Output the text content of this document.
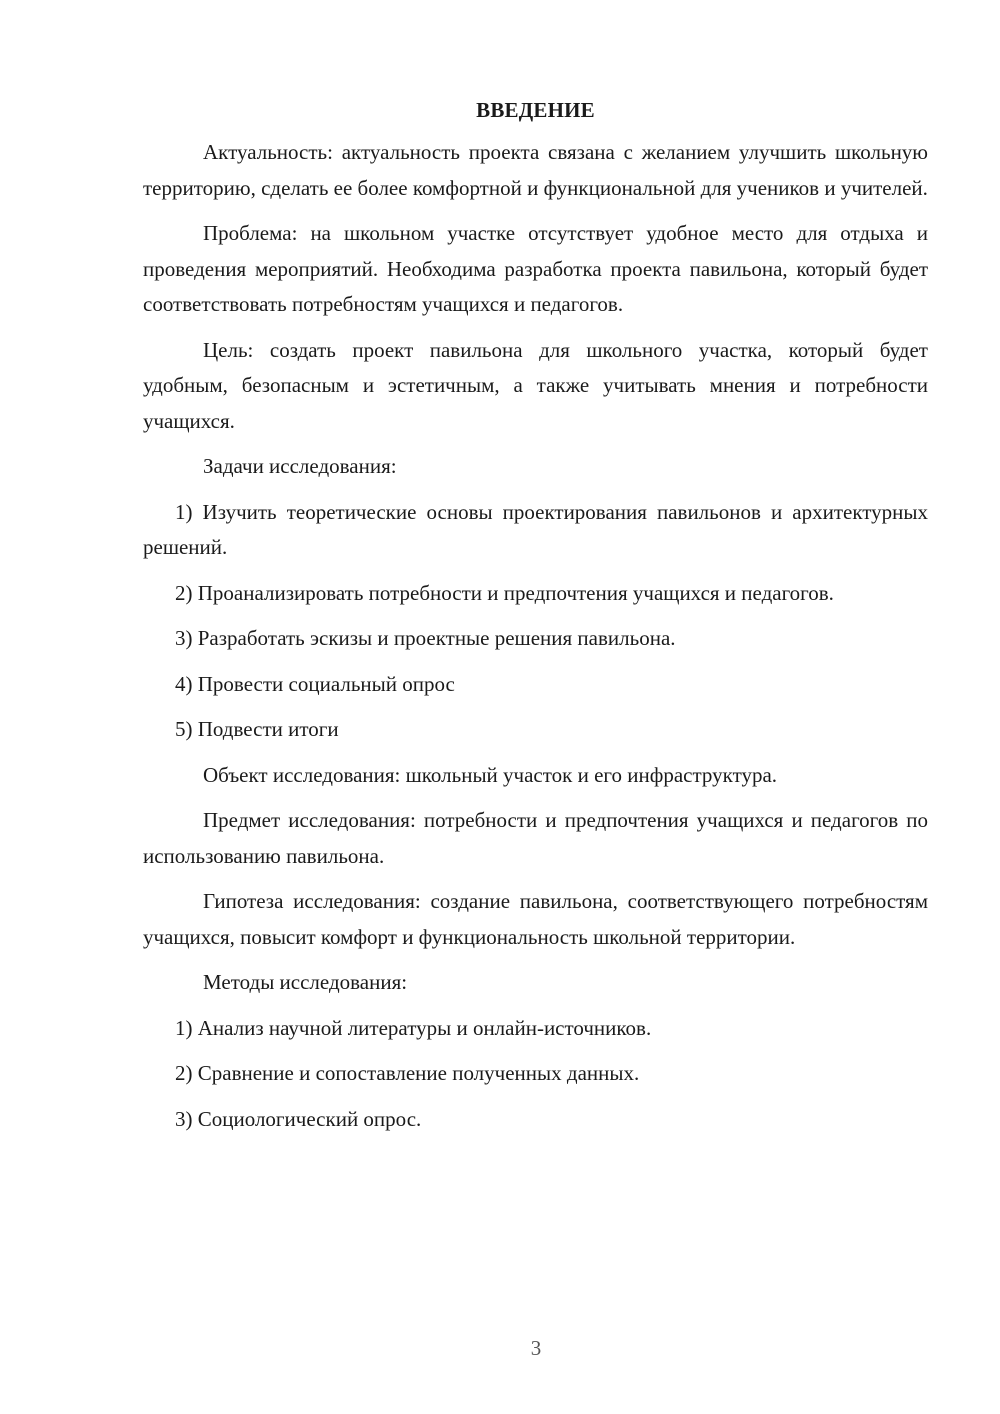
ВВЕДЕНИЕ

Актуальность: актуальность проекта связана с желанием улучшить школьную территорию, сделать ее более комфортной и функциональной для учеников и учителей.

Проблема: на школьном участке отсутствует удобное место для отдыха и проведения мероприятий. Необходима разработка проекта павильона, который будет соответствовать потребностям учащихся и педагогов.

Цель: создать проект павильона для школьного участка, который будет удобным, безопасным и эстетичным, а также учитывать мнения и потребности учащихся.

Задачи исследования:

1) Изучить теоретические основы проектирования павильонов и архитектурных решений.

2) Проанализировать потребности и предпочтения учащихся и педагогов.

3) Разработать эскизы и проектные решения павильона.

4) Провести социальный опрос

5) Подвести итоги

Объект исследования: школьный участок и его инфраструктура.

Предмет исследования: потребности и предпочтения учащихся и педагогов по использованию павильона.

Гипотеза исследования: создание павильона, соответствующего потребностям учащихся, повысит комфорт и функциональность школьной территории.

Методы исследования:

1) Анализ научной литературы и онлайн-источников.

2) Сравнение и сопоставление полученных данных.

3) Социологический опрос.

3
